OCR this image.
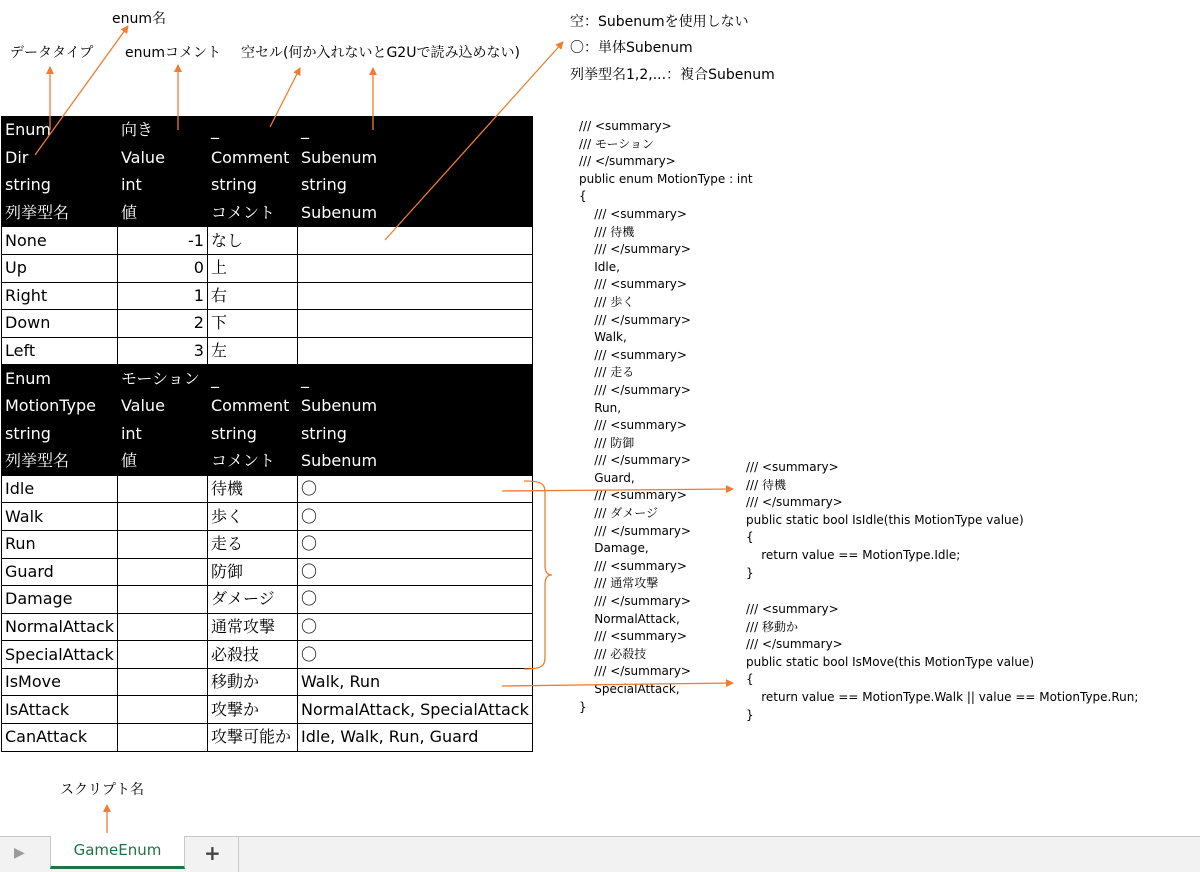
enum名
データタイプ enumコメント 空セル(何か入れないとG2Uで読み込めない)
スクリプト名
空：Subenumを使用しない
〇：単体Subenum
列挙型名1,2,...：複合Subenum
Enum	向き	_	_
Dir	Value	Comment	Subenum
string	int	string	string
列挙型名	値	コメント	Subenum
None	-1	なし	
Up	0	上	
Right	1	右	
Down	2	下	
Left	3	左	
Enum	モーション	_	_
MotionType	Value	Comment	Subenum
string	int	string	string
列挙型名	値	コメント	Subenum
Idle		待機	〇
Walk		歩く	〇
Run		走る	〇
Guard		防御	〇
Damage		ダメージ	〇
NormalAttack		通常攻撃	〇
SpecialAttack		必殺技	〇
IsMove		移動か	Walk, Run
IsAttack		攻撃か	NormalAttack, SpecialAttack
CanAttack		攻撃可能か	Idle, Walk, Run, Guard
/// <summary>
/// モーション
/// </summary>
public enum MotionType : int
{
/// <summary>
/// 待機
/// </summary>
Idle,
/// <summary>
/// 歩く
/// </summary>
Walk,
/// <summary>
/// 走る
/// </summary>
Run,
/// <summary>
/// 防御
/// </summary>
Guard,
/// <summary>
/// ダメージ
/// </summary>
Damage,
/// <summary>
/// 通常攻撃
/// </summary>
NormalAttack,
/// <summary>
/// 必殺技
/// </summary>
SpecialAttack,
}
/// <summary>
/// 待機
/// </summary>
public static bool IsIdle(this MotionType value)
{
return value == MotionType.Idle;
}
/// <summary>
/// 移動か
/// </summary>
public static bool IsMove(this MotionType value)
{
return value == MotionType.Walk || value == MotionType.Run;
}
▶	GameEnum	+
